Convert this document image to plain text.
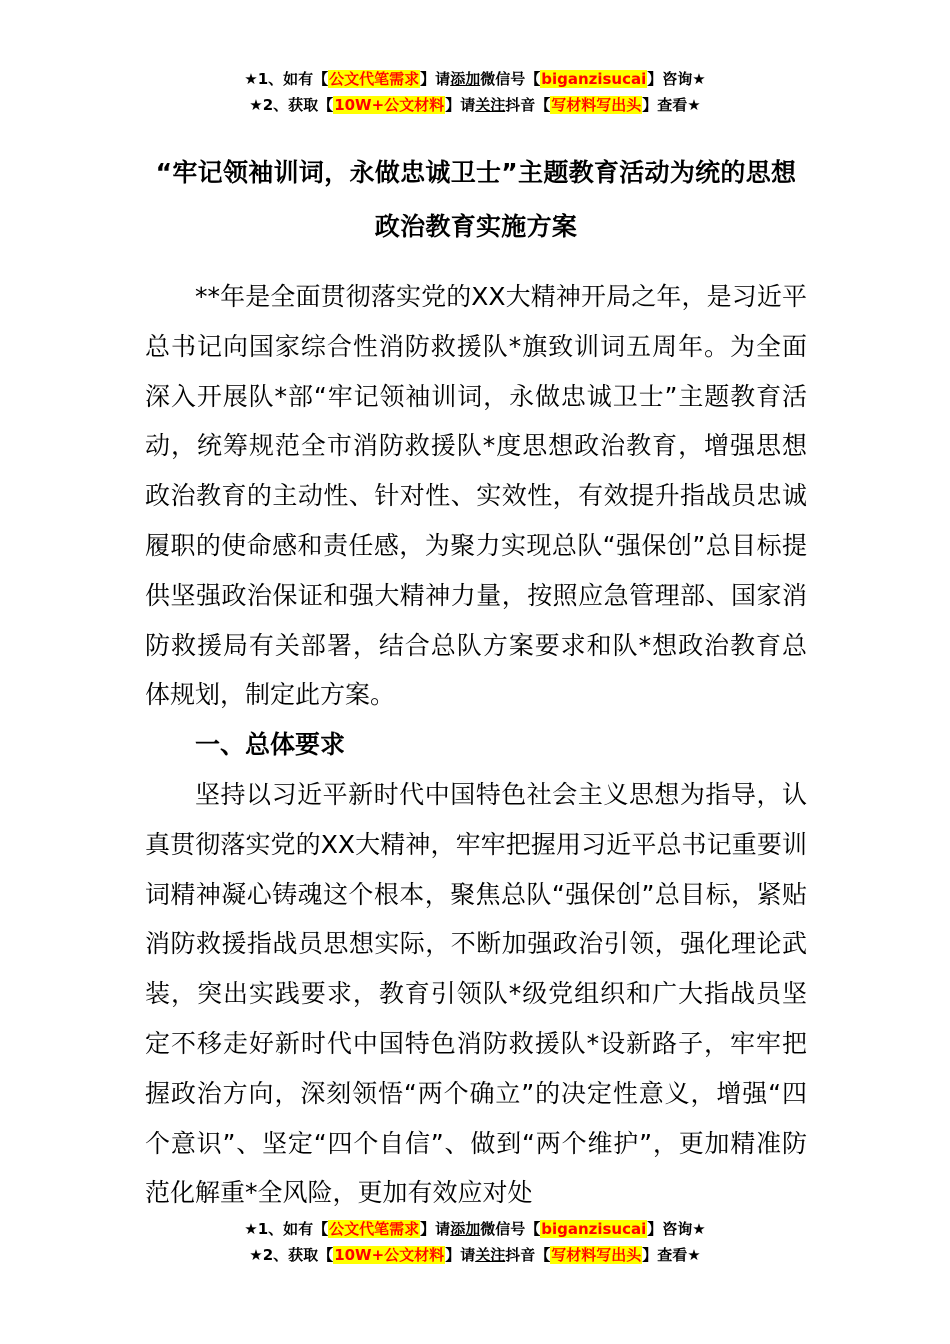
★1、如有【公文代笔需求】请添加微信号【biganzisucai】咨询★
★2、获取【10W+公文材料】请关注抖音【写材料写出头】查看★
“牢记领袖训词，永做忠诚卫士”主题教育活动为统的思想政治教育实施方案

**年是全面贯彻落实党的XX大精神开局之年，是习近平总书记向国家综合性消防救援队*旗致训词五周年。为全面深入开展队*部“牢记领袖训词，永做忠诚卫士”主题教育活动，统筹规范全市消防救援队*度思想政治教育，增强思想政治教育的主动性、针对性、实效性，有效提升指战员忠诚履职的使命感和责任感，为聚力实现总队“强保创”总目标提供坚强政治保证和强大精神力量，按照应急管理部、国家消防救援局有关部署，结合总队方案要求和队*想政治教育总体规划，制定此方案。

一、总体要求

坚持以习近平新时代中国特色社会主义思想为指导，认真贯彻落实党的XX大精神，牢牢把握用习近平总书记重要训词精神凝心铸魂这个根本，聚焦总队“强保创”总目标，紧贴消防救援指战员思想实际，不断加强政治引领，强化理论武装，突出实践要求，教育引领队*级党组织和广大指战员坚定不移走好新时代中国特色消防救援队*设新路子，牢牢把握政治方向，深刻领悟“两个确立”的决定性意义，增强“四个意识”、坚定“四个自信”、做到“两个维护”，更加精准防范化解重*全风险，更加有效应对处

★1、如有【公文代笔需求】请添加微信号【biganzisucai】咨询★
★2、获取【10W+公文材料】请关注抖音【写材料写出头】查看★
